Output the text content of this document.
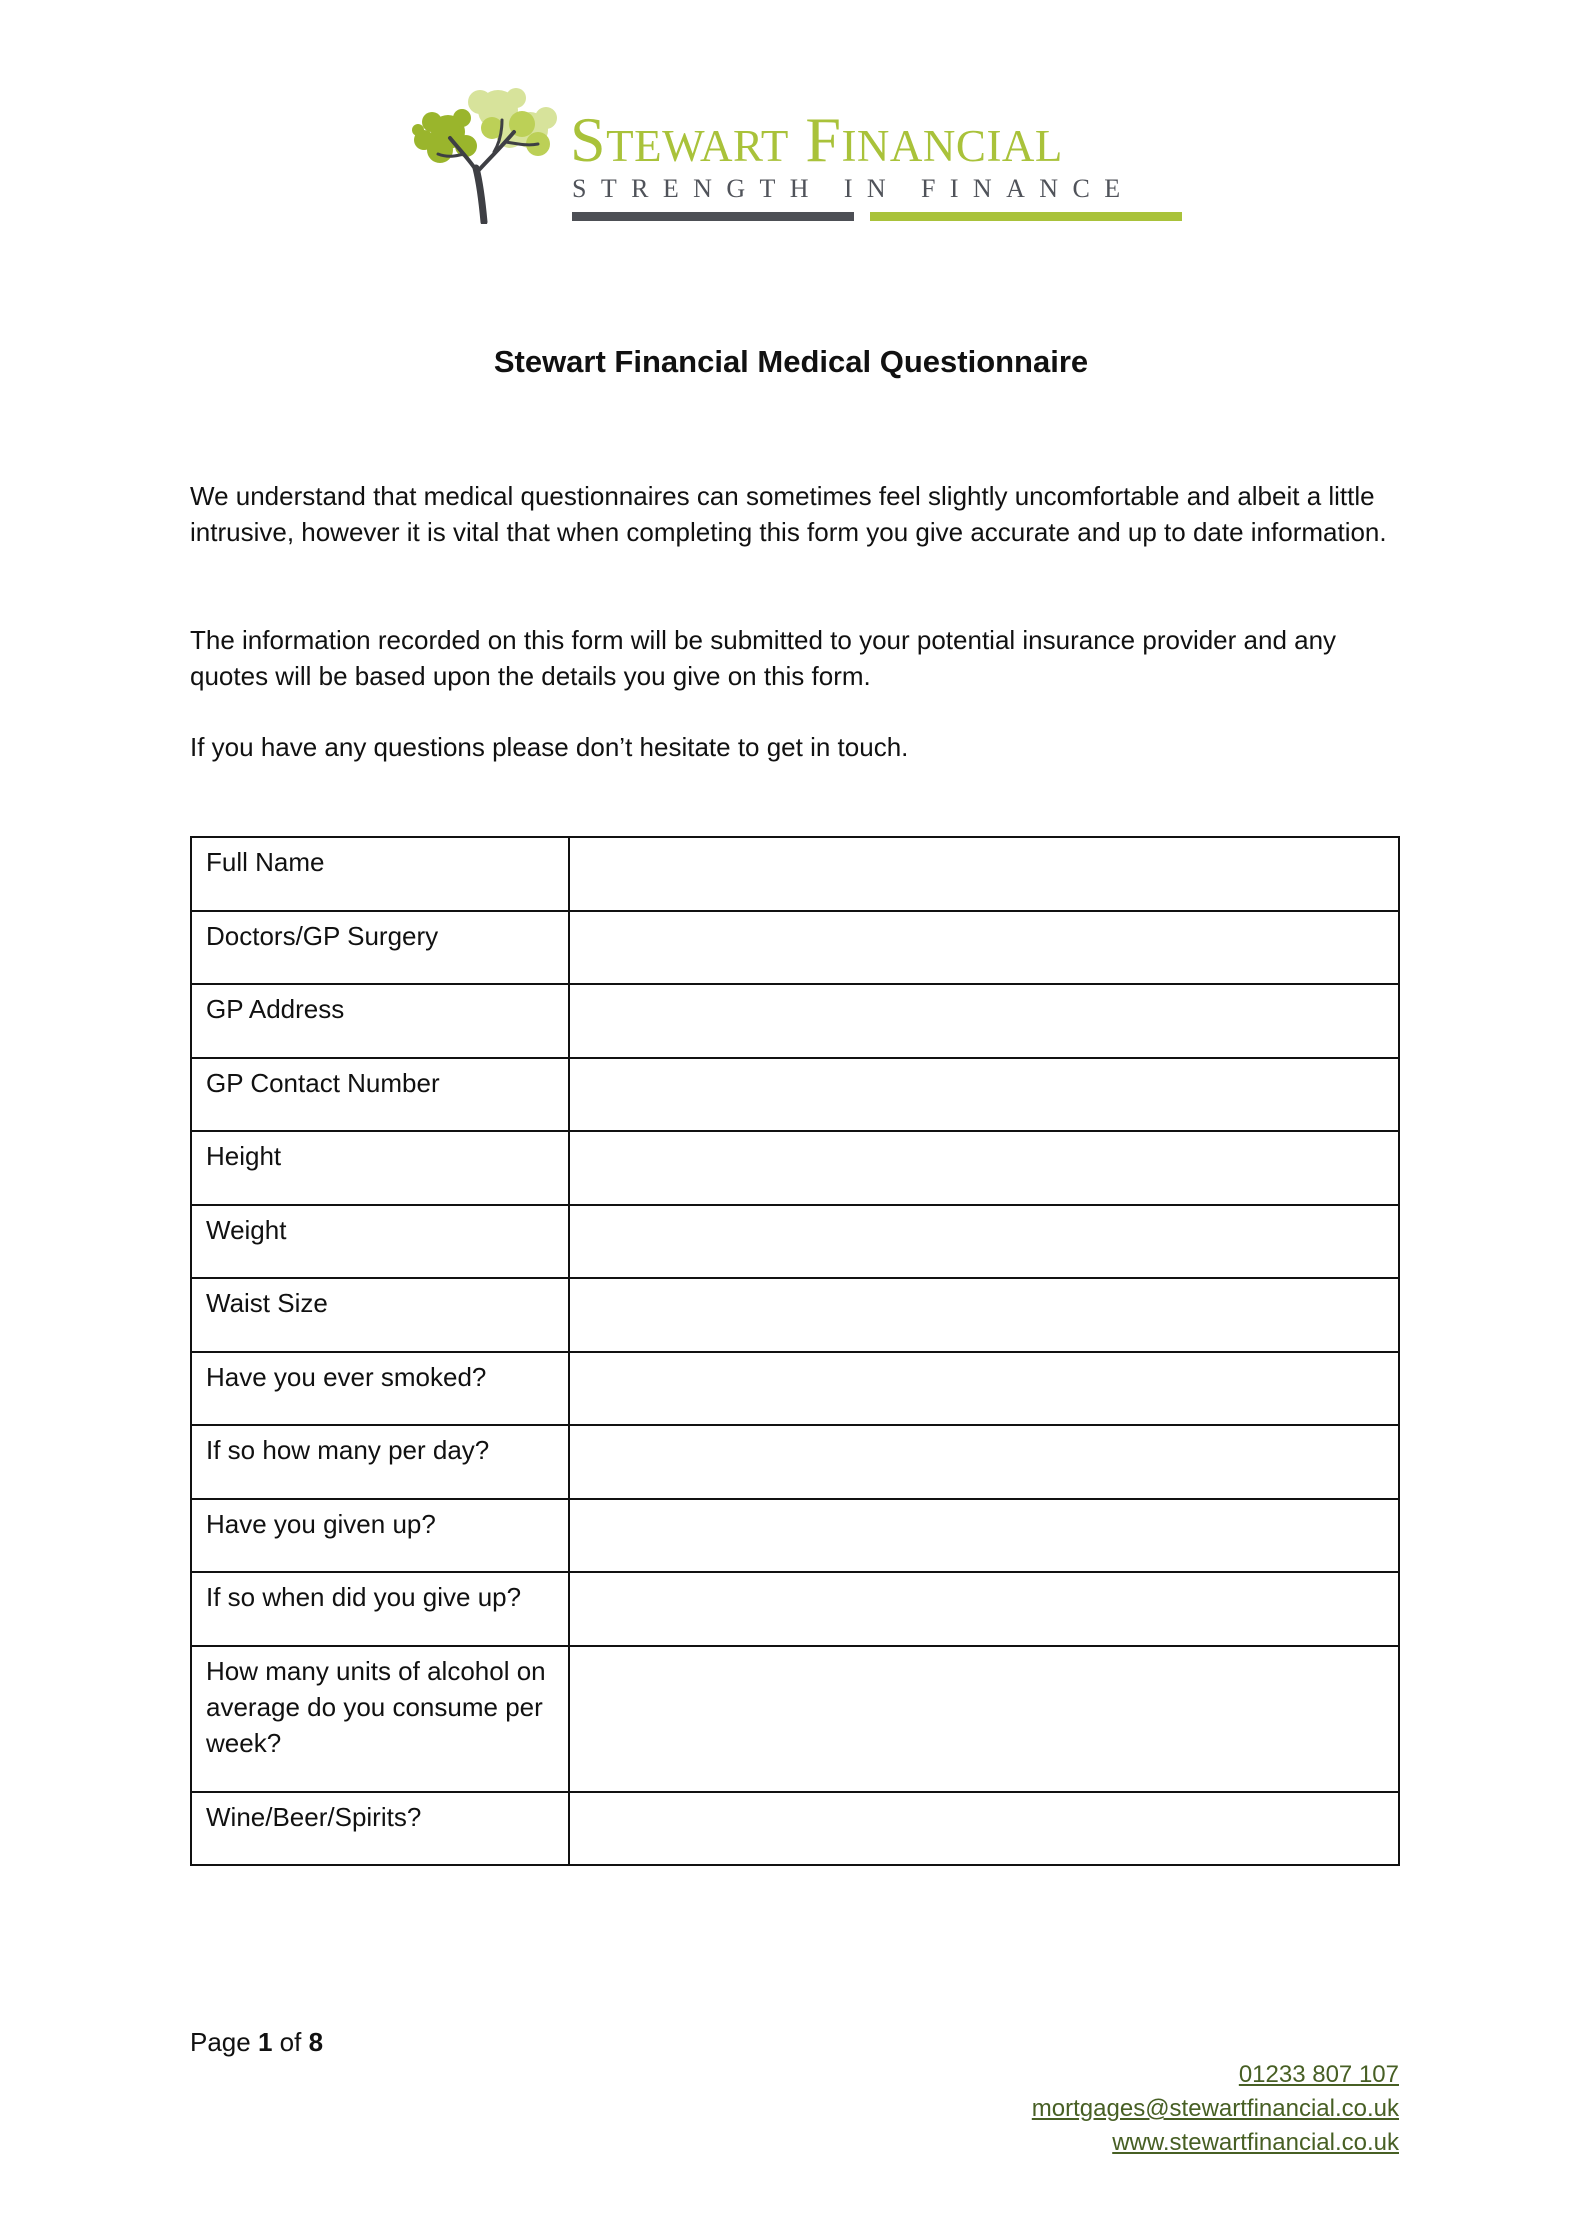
Stewart Financial
STRENGTH IN FINANCE
Stewart Financial Medical Questionnaire

We understand that medical questionnaires can sometimes feel slightly uncomfortable and albeit a little intrusive, however it is vital that when completing this form you give accurate and up to date information.

The information recorded on this form will be submitted to your potential insurance provider and any quotes will be based upon the details you give on this form.

If you have any questions please don’t hesitate to get in touch.

Full Name	

Doctors/GP Surgery	

GP Address	

GP Contact Number	

Height	

Weight	

Waist Size	

Have you ever smoked?	

If so how many per day?	

Have you given up?	

If so when did you give up?	

How many units of alcohol on average do you consume per week?	

Wine/Beer/Spirits?	

Page 1 of 8

01233 807 107
mortgages@stewartfinancial.co.uk
www.stewartfinancial.co.uk
